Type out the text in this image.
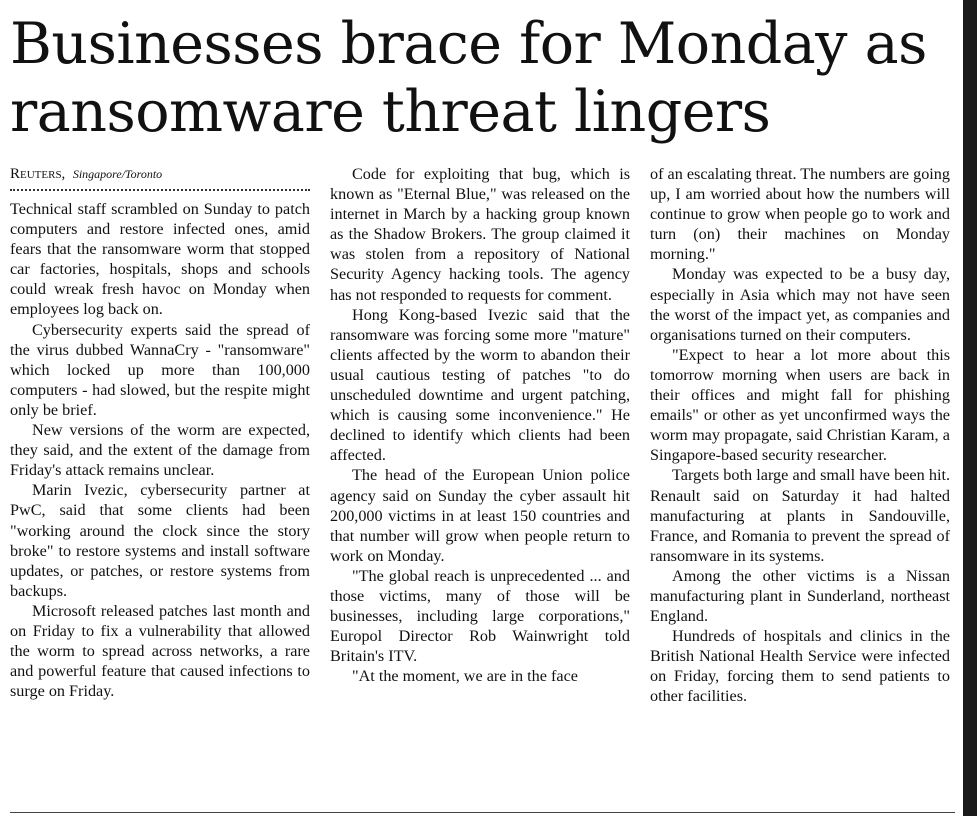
Businesses brace for Monday as ransomware threat lingers
Reuters, Singapore/Toronto

Technical staff scrambled on Sunday to patch computers and restore infected ones, amid fears that the ransomware worm that stopped car factories, hospitals, shops and schools could wreak fresh havoc on Monday when employees log back on.

Cybersecurity experts said the spread of the virus dubbed WannaCry - "ransomware" which locked up more than 100,000 computers - had slowed, but the respite might only be brief.

New versions of the worm are expected, they said, and the extent of the damage from Friday's attack remains unclear.

Marin Ivezic, cybersecurity partner at PwC, said that some clients had been "working around the clock since the story broke" to restore systems and install software updates, or patches, or restore systems from backups.

Microsoft released patches last month and on Friday to fix a vulnerability that allowed the worm to spread across networks, a rare and powerful feature that caused infections to surge on Friday.

Code for exploiting that bug, which is known as "Eternal Blue," was released on the internet in March by a hacking group known as the Shadow Brokers. The group claimed it was stolen from a repository of National Security Agency hacking tools. The agency has not responded to requests for comment.

Hong Kong-based Ivezic said that the ransomware was forcing some more "mature" clients affected by the worm to abandon their usual cautious testing of patches "to do unscheduled downtime and urgent patching, which is causing some inconvenience." He declined to identify which clients had been affected.

The head of the European Union police agency said on Sunday the cyber assault hit 200,000 victims in at least 150 countries and that number will grow when people return to work on Monday.

"The global reach is unprecedented ... and those victims, many of those will be businesses, including large corporations," Europol Director Rob Wainwright told Britain's ITV.

"At the moment, we are in the face

of an escalating threat. The numbers are going up, I am worried about how the numbers will continue to grow when people go to work and turn (on) their machines on Monday morning."

Monday was expected to be a busy day, especially in Asia which may not have seen the worst of the impact yet, as companies and organisations turned on their computers.

"Expect to hear a lot more about this tomorrow morning when users are back in their offices and might fall for phishing emails" or other as yet unconfirmed ways the worm may propagate, said Christian Karam, a Singapore-based security researcher.

Targets both large and small have been hit. Renault said on Saturday it had halted manufacturing at plants in Sandouville, France, and Romania to prevent the spread of ransomware in its systems.

Among the other victims is a Nissan manufacturing plant in Sunderland, northeast England.

Hundreds of hospitals and clinics in the British National Health Service were infected on Friday, forcing them to send patients to other facilities.
